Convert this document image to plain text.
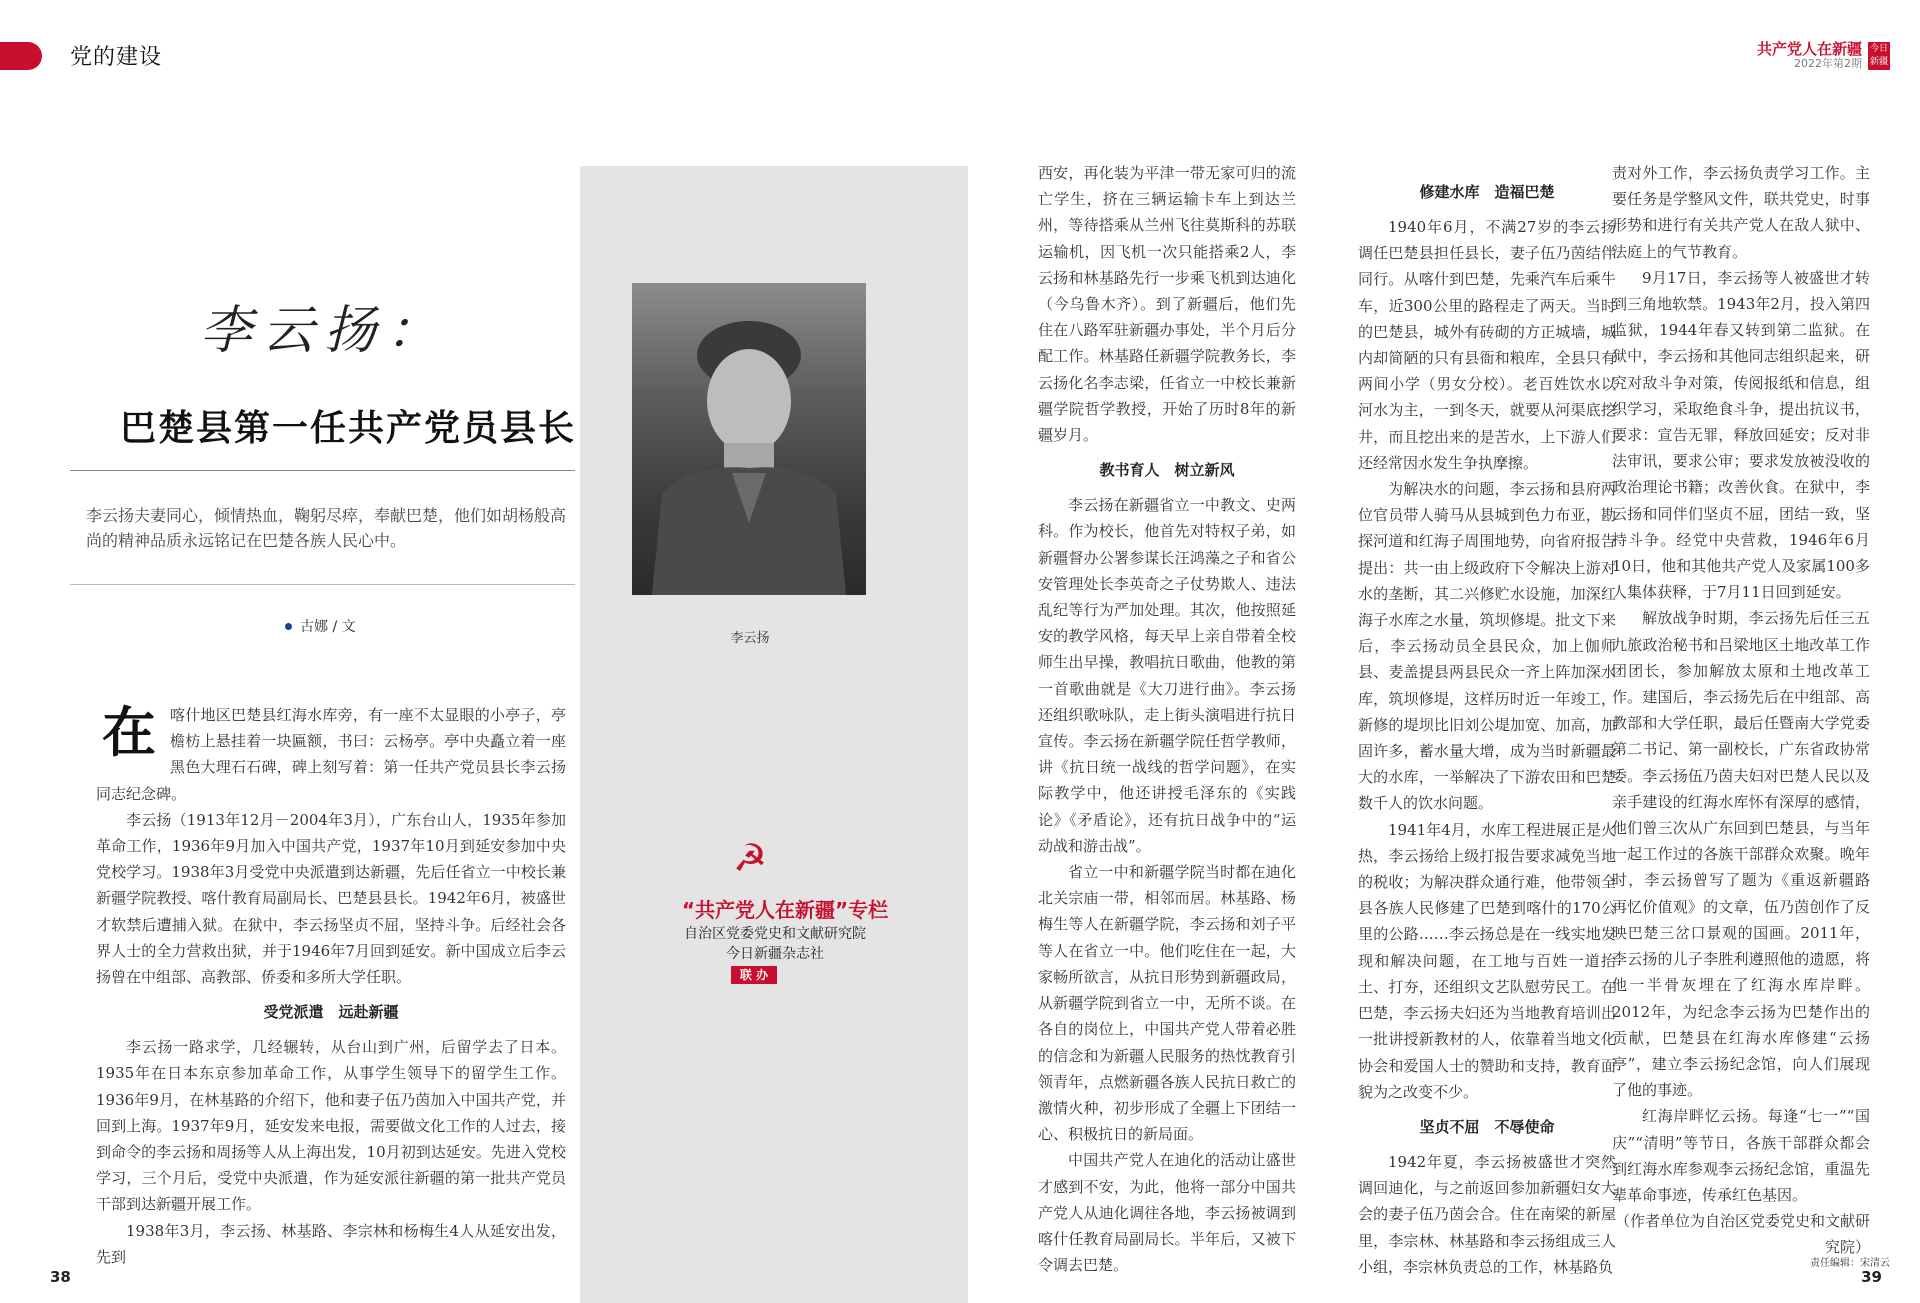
党的建设	共产党人在新疆
2022年第2期
今日
新疆
李云扬：
巴楚县第一任共产党员县长
李云扬夫妻同心，倾情热血，鞠躬尽瘁，奉献巴楚，他们如胡杨般高尚的精神品质永远铭记在巴楚各族人民心中。
古娜 / 文
在 喀什地区巴楚县红海水库旁，有一座不太显眼的小亭子，亭檐枋上悬挂着一块匾额，书曰：云杨亭。亭中央矗立着一座黑色大理石石碑，碑上刻写着：第一任共产党员县长李云扬同志纪念碑。

李云扬（1913年12月－2004年3月），广东台山人，1935年参加革命工作，1936年9月加入中国共产党，1937年10月到延安参加中央党校学习。1938年3月受党中央派遣到达新疆，先后任省立一中校长兼新疆学院教授、喀什教育局副局长、巴楚县县长。1942年6月，被盛世才软禁后遭捕入狱。在狱中，李云扬坚贞不屈，坚持斗争。后经社会各界人士的全力营救出狱，并于1946年7月回到延安。新中国成立后李云扬曾在中组部、高教部、侨委和多所大学任职。

受党派遣　远赴新疆

李云扬一路求学，几经辗转，从台山到广州，后留学去了日本。1935年在日本东京参加革命工作，从事学生领导下的留学生工作。1936年9月，在林基路的介绍下，他和妻子伍乃茵加入中国共产党，并回到上海。1937年9月，延安发来电报，需要做文化工作的人过去，接到命令的李云扬和周扬等人从上海出发，10月初到达延安。先进入党校学习，三个月后，受党中央派遣，作为延安派往新疆的第一批共产党员干部到达新疆开展工作。

1938年3月，李云扬、林基路、李宗林和杨梅生4人从延安出发，先到

李云扬
☭
“共产党人在新疆”专栏
自治区党委党史和文献研究院
今日新疆杂志社
联 办

西安，再化装为平津一带无家可归的流亡学生，挤在三辆运输卡车上到达兰州，等待搭乘从兰州飞往莫斯科的苏联运输机，因飞机一次只能搭乘2人，李云扬和林基路先行一步乘飞机到达迪化（今乌鲁木齐）。到了新疆后，他们先住在八路军驻新疆办事处，半个月后分配工作。林基路任新疆学院教务长，李云扬化名李志梁，任省立一中校长兼新疆学院哲学教授，开始了历时8年的新疆岁月。

教书育人　树立新风

李云扬在新疆省立一中教文、史两科。作为校长，他首先对特权子弟，如新疆督办公署参谋长汪鸿藻之子和省公安管理处长李英奇之子仗势欺人、违法乱纪等行为严加处理。其次，他按照延安的教学风格，每天早上亲自带着全校师生出早操，教唱抗日歌曲，他教的第一首歌曲就是《大刀进行曲》。李云扬还组织歌咏队，走上街头演唱进行抗日宣传。李云扬在新疆学院任哲学教师，讲《抗日统一战线的哲学问题》，在实际教学中，他还讲授毛泽东的《实践论》《矛盾论》，还有抗日战争中的“运动战和游击战”。

省立一中和新疆学院当时都在迪化北关宗庙一带，相邻而居。林基路、杨梅生等人在新疆学院，李云扬和刘子平等人在省立一中。他们吃住在一起，大家畅所欲言，从抗日形势到新疆政局，从新疆学院到省立一中，无所不谈。在各自的岗位上，中国共产党人带着必胜的信念和为新疆人民服务的热忱教育引领青年，点燃新疆各族人民抗日救亡的激情火种，初步形成了全疆上下团结一心、积极抗日的新局面。

中国共产党人在迪化的活动让盛世才感到不安，为此，他将一部分中国共产党人从迪化调往各地，李云扬被调到喀什任教育局副局长。半年后，又被下令调去巴楚。

修建水库　造福巴楚

1940年6月，不满27岁的李云扬调任巴楚县担任县长，妻子伍乃茵结伴同行。从喀什到巴楚，先乘汽车后乘牛车，近300公里的路程走了两天。当时的巴楚县，城外有砖砌的方正城墙，城内却简陋的只有县衙和粮库，全县只有两间小学（男女分校）。老百姓饮水以河水为主，一到冬天，就要从河渠底挖井，而且挖出来的是苦水，上下游人们还经常因水发生争执摩擦。

为解决水的问题，李云扬和县府两位官员带人骑马从县城到色力布亚，勘探河道和红海子周围地势，向省府报告提出：共一由上级政府下令解决上游对水的垄断，其二兴修贮水设施，加深红海子水库之水量，筑坝修堤。批文下来后，李云扬动员全县民众，加上伽师县、麦盖提县两县民众一齐上阵加深水库，筑坝修堤，这样历时近一年竣工，新修的堤坝比旧刘公堤加宽、加高，加固许多，蓄水量大增，成为当时新疆最大的水库，一举解决了下游农田和巴楚数千人的饮水问题。

1941年4月，水库工程进展正是火热，李云扬给上级打报告要求减免当地的税收；为解决群众通行难，他带领全县各族人民修建了巴楚到喀什的170公里的公路……李云扬总是在一线实地发现和解决问题，在工地与百姓一道抬土、打夯，还组织文艺队慰劳民工。在巴楚，李云扬夫妇还为当地教育培训出一批讲授新教材的人，依靠着当地文化协会和爱国人士的赞助和支持，教育面貌为之改变不少。

坚贞不屈　不辱使命

1942年夏，李云扬被盛世才突然调回迪化，与之前返回参加新疆妇女大会的妻子伍乃茵会合。住在南梁的新屋里，李宗林、林基路和李云扬组成三人小组，李宗林负责总的工作，林基路负

责对外工作，李云扬负责学习工作。主要任务是学整风文件，联共党史，时事形势和进行有关共产党人在敌人狱中、法庭上的气节教育。

9月17日，李云扬等人被盛世才转到三角地软禁。1943年2月，投入第四监狱，1944年春又转到第二监狱。在狱中，李云扬和其他同志组织起来，研究对敌斗争对策，传阅报纸和信息，组织学习，采取绝食斗争，提出抗议书，要求：宣告无罪，释放回延安；反对非法审讯，要求公审；要求发放被没收的政治理论书籍；改善伙食。在狱中，李云扬和同伴们坚贞不屈，团结一致，坚持斗争。经党中央营救，1946年6月10日，他和其他共产党人及家属100多人集体获释，于7月11日回到延安。

解放战争时期，李云扬先后任三五九旅政治秘书和吕梁地区土地改革工作团团长，参加解放太原和土地改革工作。建国后，李云扬先后在中组部、高教部和大学任职，最后任暨南大学党委第二书记、第一副校长，广东省政协常委。李云扬伍乃茵夫妇对巴楚人民以及亲手建设的红海水库怀有深厚的感情，他们曾三次从广东回到巴楚县，与当年一起工作过的各族干部群众欢聚。晚年时，李云扬曾写了题为《重返新疆路　再忆价值观》的文章，伍乃茵创作了反映巴楚三岔口景观的国画。2011年，李云扬的儿子李胜利遵照他的遗愿，将他一半骨灰埋在了红海水库岸畔。2012年，为纪念李云扬为巴楚作出的贡献，巴楚县在红海水库修建“云扬亭”，建立李云扬纪念馆，向人们展现了他的事迹。

红海岸畔忆云扬。每逢“七一”“国庆”“清明”等节日，各族干部群众都会到红海水库参观李云扬纪念馆，重温先辈革命事迹，传承红色基因。

（作者单位为自治区党委党史和文献研究院）
38	39
责任编辑：宋清云
